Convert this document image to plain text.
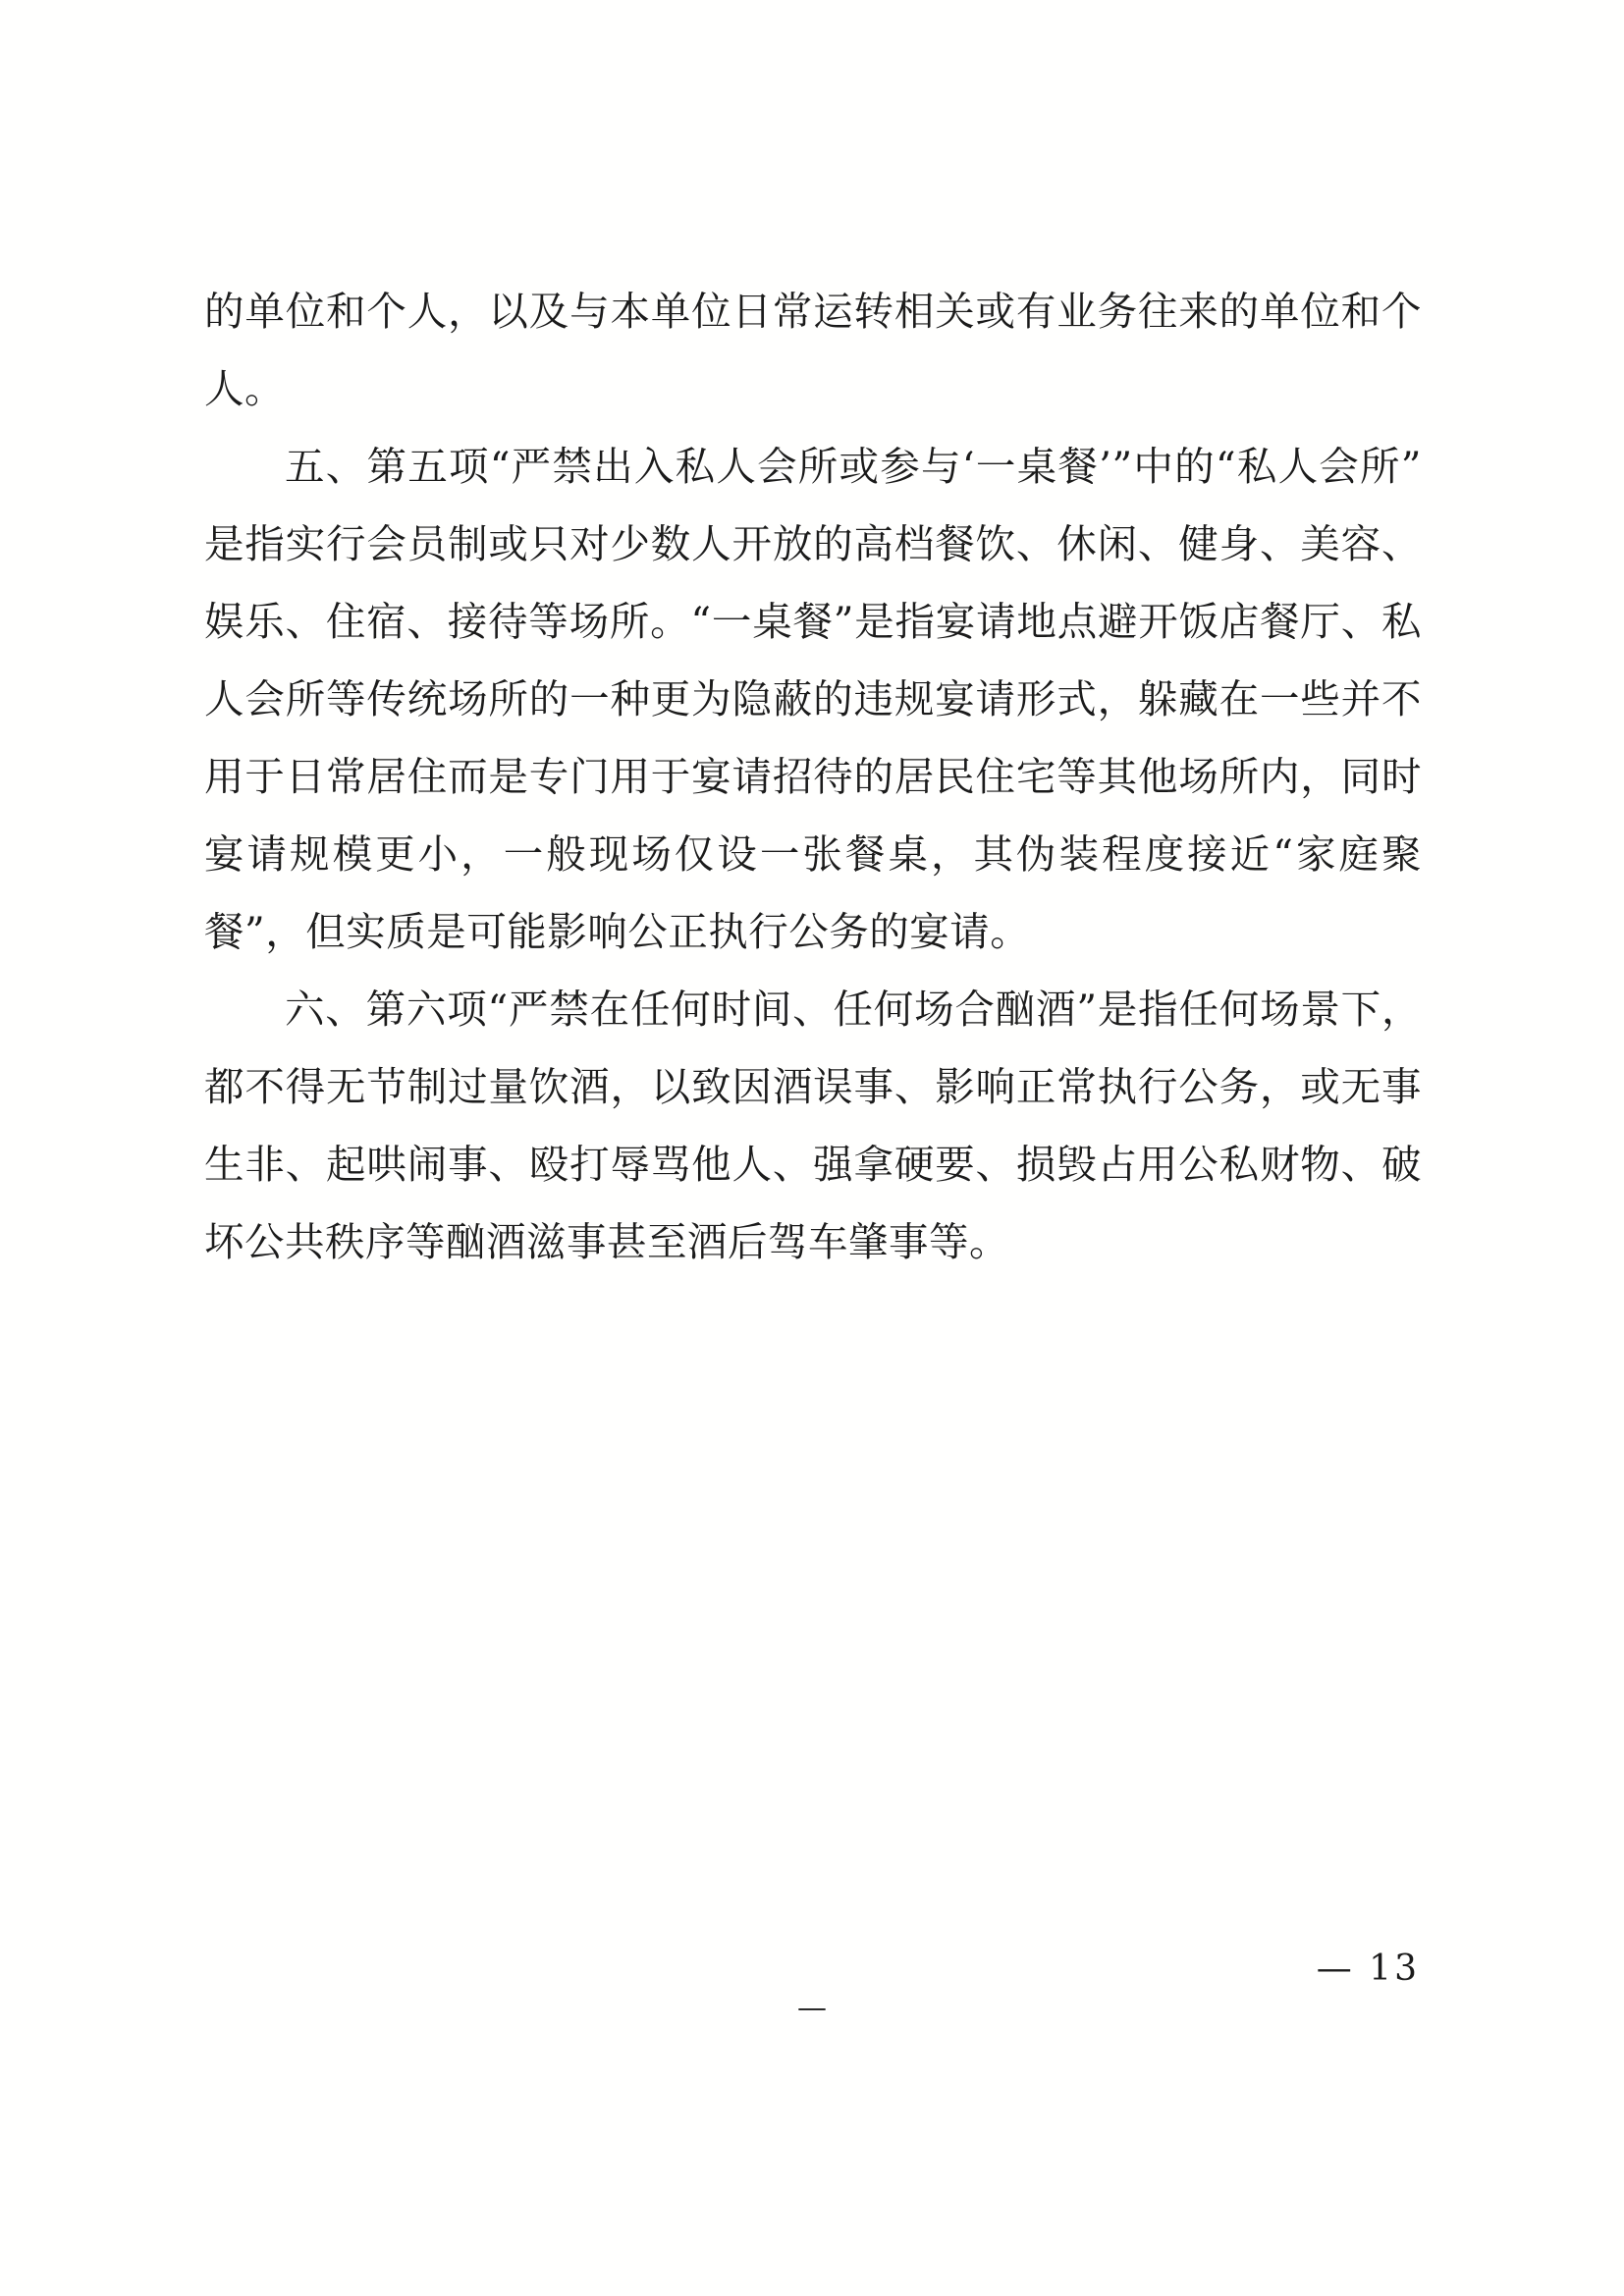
的单位和个人，以及与本单位日常运转相关或有业务往来的单位和个人。

五、第五项“严禁出入私人会所或参与‘一桌餐’”中的“私人会所”是指实行会员制或只对少数人开放的高档餐饮、休闲、健身、美容、娱乐、住宿、接待等场所。“一桌餐”是指宴请地点避开饭店餐厅、私人会所等传统场所的一种更为隐蔽的违规宴请形式，躲藏在一些并不用于日常居住而是专门用于宴请招待的居民住宅等其他场所内，同时宴请规模更小，一般现场仅设一张餐桌，其伪装程度接近“家庭聚餐”，但实质是可能影响公正执行公务的宴请。

六、第六项“严禁在任何时间、任何场合酗酒”是指任何场景下，都不得无节制过量饮酒，以致因酒误事、影响正常执行公务，或无事生非、起哄闹事、殴打辱骂他人、强拿硬要、损毁占用公私财物、破坏公共秩序等酗酒滋事甚至酒后驾车肇事等。

— 13
—
